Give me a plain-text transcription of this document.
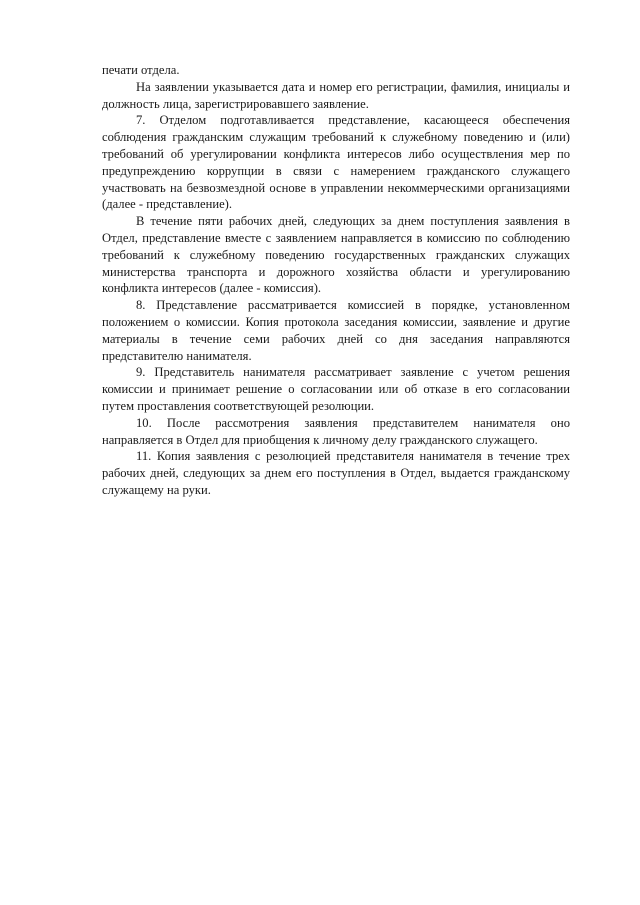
печати отдела.

На заявлении указывается дата и номер его регистрации, фамилия, инициалы и должность лица, зарегистрировавшего заявление.

7. Отделом подготавливается представление, касающееся обеспечения соблюдения гражданским служащим требований к служебному поведению и (или) требований об урегулировании конфликта интересов либо осуществления мер по предупреждению коррупции в связи с намерением гражданского служащего участвовать на безвозмездной основе в управлении некоммерческими организациями (далее - представление).

В течение пяти рабочих дней, следующих за днем поступления заявления в Отдел, представление вместе с заявлением направляется в комиссию по соблюдению требований к служебному поведению государственных гражданских служащих министерства транспорта и дорожного хозяйства области и урегулированию конфликта интересов (далее - комиссия).

8. Представление рассматривается комиссией в порядке, установленном положением о комиссии. Копия протокола заседания комиссии, заявление и другие материалы в течение семи рабочих дней со дня заседания направляются представителю нанимателя.

9. Представитель нанимателя рассматривает заявление с учетом решения комиссии и принимает решение о согласовании или об отказе в его согласовании путем проставления соответствующей резолюции.

10. После рассмотрения заявления представителем нанимателя оно направляется в Отдел для приобщения к личному делу гражданского служащего.

11. Копия заявления с резолюцией представителя нанимателя в течение трех рабочих дней, следующих за днем его поступления в Отдел, выдается гражданскому служащему на руки.
